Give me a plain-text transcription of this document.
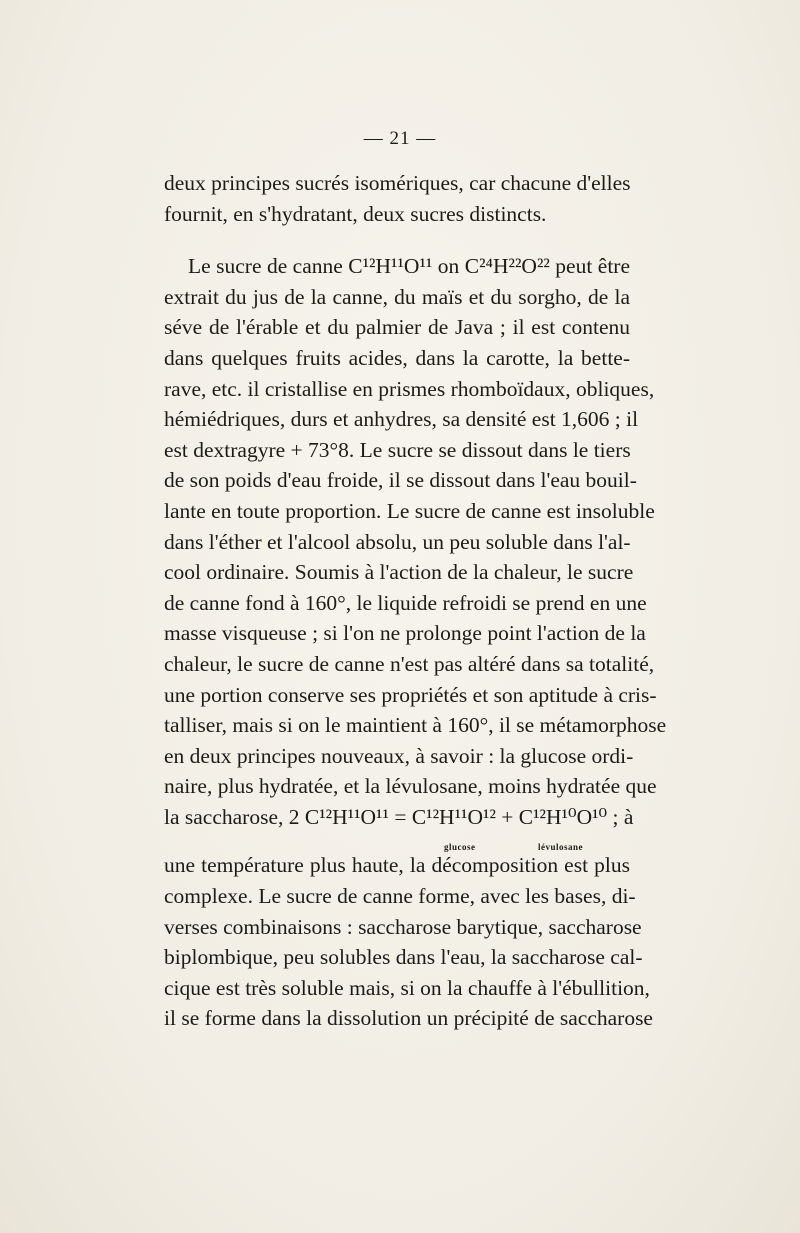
— 21 —
deux principes sucrés isomériques, car chacune d'elles
fournit, en s'hydratant, deux sucres distincts.
Le sucre de canne C¹²H¹¹O¹¹ on C²⁴H²²O²² peut être
extrait du jus de la canne, du maïs et du sorgho, de la
séve de l'érable et du palmier de Java ; il est contenu
dans quelques fruits acides, dans la carotte, la bette-
rave, etc. il cristallise en prismes rhomboïdaux, obliques,
hémiédriques, durs et anhydres, sa densité est 1,606 ; il
est dextragyre + 73°8. Le sucre se dissout dans le tiers
de son poids d'eau froide, il se dissout dans l'eau bouil-
lante en toute proportion. Le sucre de canne est insoluble
dans l'éther et l'alcool absolu, un peu soluble dans l'al-
cool ordinaire. Soumis à l'action de la chaleur, le sucre
de canne fond à 160°, le liquide refroidi se prend en une
masse visqueuse ; si l'on ne prolonge point l'action de la
chaleur, le sucre de canne n'est pas altéré dans sa totalité,
une portion conserve ses propriétés et son aptitude à cris-
talliser, mais si on le maintient à 160°, il se métamorphose
en deux principes nouveaux, à savoir : la glucose ordi-
naire, plus hydratée, et la lévulosane, moins hydratée que
la saccharose, 2 C¹²H¹¹O¹¹ = C¹²H¹¹O¹² + C¹²H¹⁰O¹⁰ ; à
glucose	lévulosane
une température plus haute, la décomposition est plus
complexe. Le sucre de canne forme, avec les bases, di-
verses combinaisons : saccharose barytique, saccharose
biplombique, peu solubles dans l'eau, la saccharose cal-
cique est très soluble mais, si on la chauffe à l'ébullition,
il se forme dans la dissolution un précipité de saccharose
